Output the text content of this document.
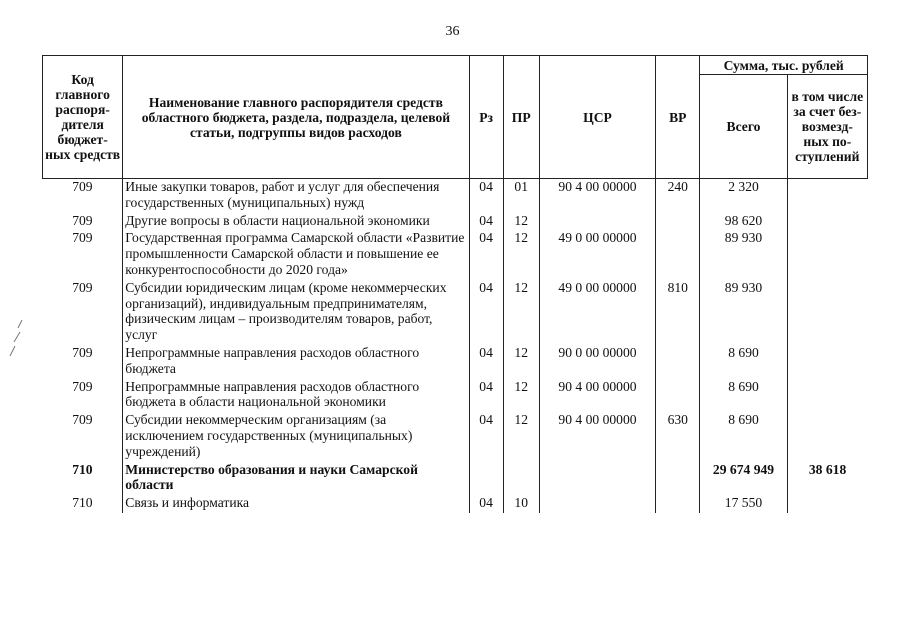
36
Код главного распоря-дителя бюджет-ных средств	Наименование главного распорядителя средств областного бюджета, раздела, подраздела, целевой статьи, подгруппы видов расходов	Рз	ПР	ЦСР	ВР	Сумма, тыс. рублей	
						Всего	в том числе за счет без-возмезд-ных по-ступлений
709	Иные закупки товаров, работ и услуг для обеспечения государственных (муниципальных) нужд	04	01	90 4 00 00000	240	2 320	
709	Другие вопросы в области национальной экономики	04	12			98 620	
709	Государственная программа Самарской области «Развитие промышленности Самарской области и повышение ее конкурентоспособности до 2020 года»	04	12	49 0 00 00000		89 930	
709	Субсидии юридическим лицам (кроме некоммерческих организаций), индивидуальным предпринимателям, физическим лицам – производителям товаров, работ, услуг	04	12	49 0 00 00000	810	89 930	
709	Непрограммные направления расходов областного бюджета	04	12	90 0 00 00000		8 690	
709	Непрограммные направления расходов областного бюджета в области национальной экономики	04	12	90 4 00 00000		8 690	
709	Субсидии некоммерческим организациям (за исключением государственных (муниципальных) учреждений)	04	12	90 4 00 00000	630	8 690	
710	Министерство образования и науки Самарской области					29 674 949	38 618
710	Связь и информатика	04	10			17 550	
